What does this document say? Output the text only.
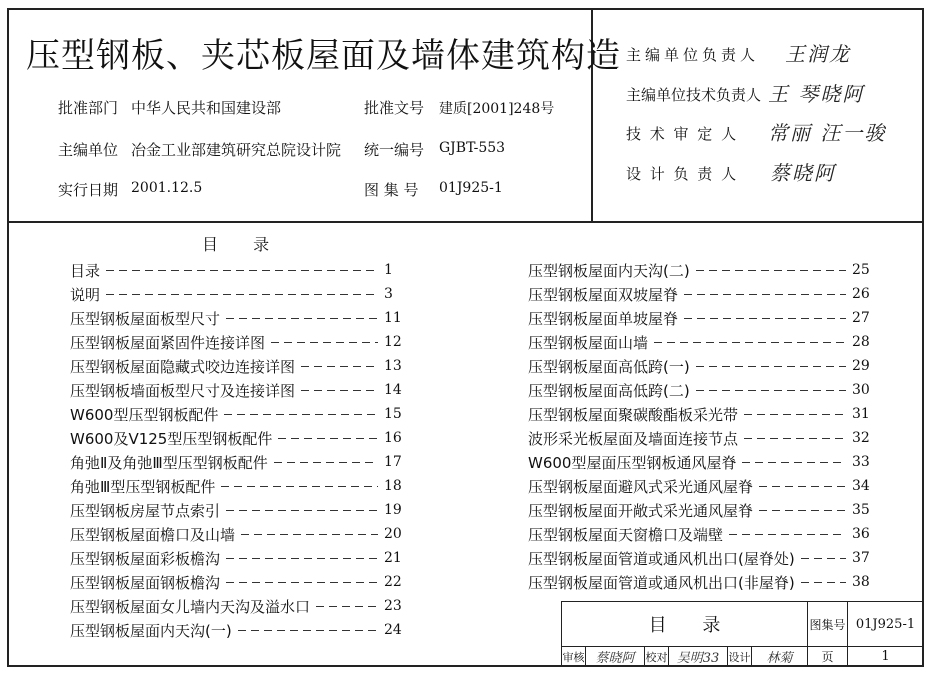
压型钢板、夹芯板屋面及墙体建筑构造
批准部门 中华人民共和国建设部	批准文号 建质[2001]248号
主编单位 冶金工业部建筑研究总院设计院 统一编号 GJBT-553
实行日期 2001.12.5	图 集 号 01J925-1
主编单位负责人 王润龙
主编单位技术负责人 王 琴晓阿
技 术 审 定 人 常丽 汪一骏
设 计 负 责 人 蔡晓阿
目 录
目录	1
说明	3
压型钢板屋面板型尺寸	11
压型钢板屋面紧固件连接详图	12
压型钢板屋面隐藏式咬边连接详图	13
压型钢板墙面板型尺寸及连接详图	14
W600型压型钢板配件	15
W600及V125型压型钢板配件	16
角弛Ⅱ及角弛Ⅲ型压型钢板配件	17
角弛Ⅲ型压型钢板配件	18
压型钢板房屋节点索引	19
压型钢板屋面檐口及山墙	20
压型钢板屋面彩板檐沟	21
压型钢板屋面钢板檐沟	22
压型钢板屋面女儿墙内天沟及溢水口	23
压型钢板屋面内天沟(一)	24
压型钢板屋面内天沟(二)	25
压型钢板屋面双坡屋脊	26
压型钢板屋面单坡屋脊	27
压型钢板屋面山墙	28
压型钢板屋面高低跨(一)	29
压型钢板屋面高低跨(二)	30
压型钢板屋面聚碳酸酯板采光带	31
波形采光板屋面及墙面连接节点	32
W600型屋面压型钢板通风屋脊	33
压型钢板屋面避风式采光通风屋脊	34
压型钢板屋面开敞式采光通风屋脊	35
压型钢板屋面天窗檐口及端壁	36
压型钢板屋面管道或通风机出口(屋脊处)	37
压型钢板屋面管道或通风机出口(非屋脊)	38
目 录	图集号 01J925-1
审核 蔡晓阿	校对 吴明33 设计	林菊	页	1
